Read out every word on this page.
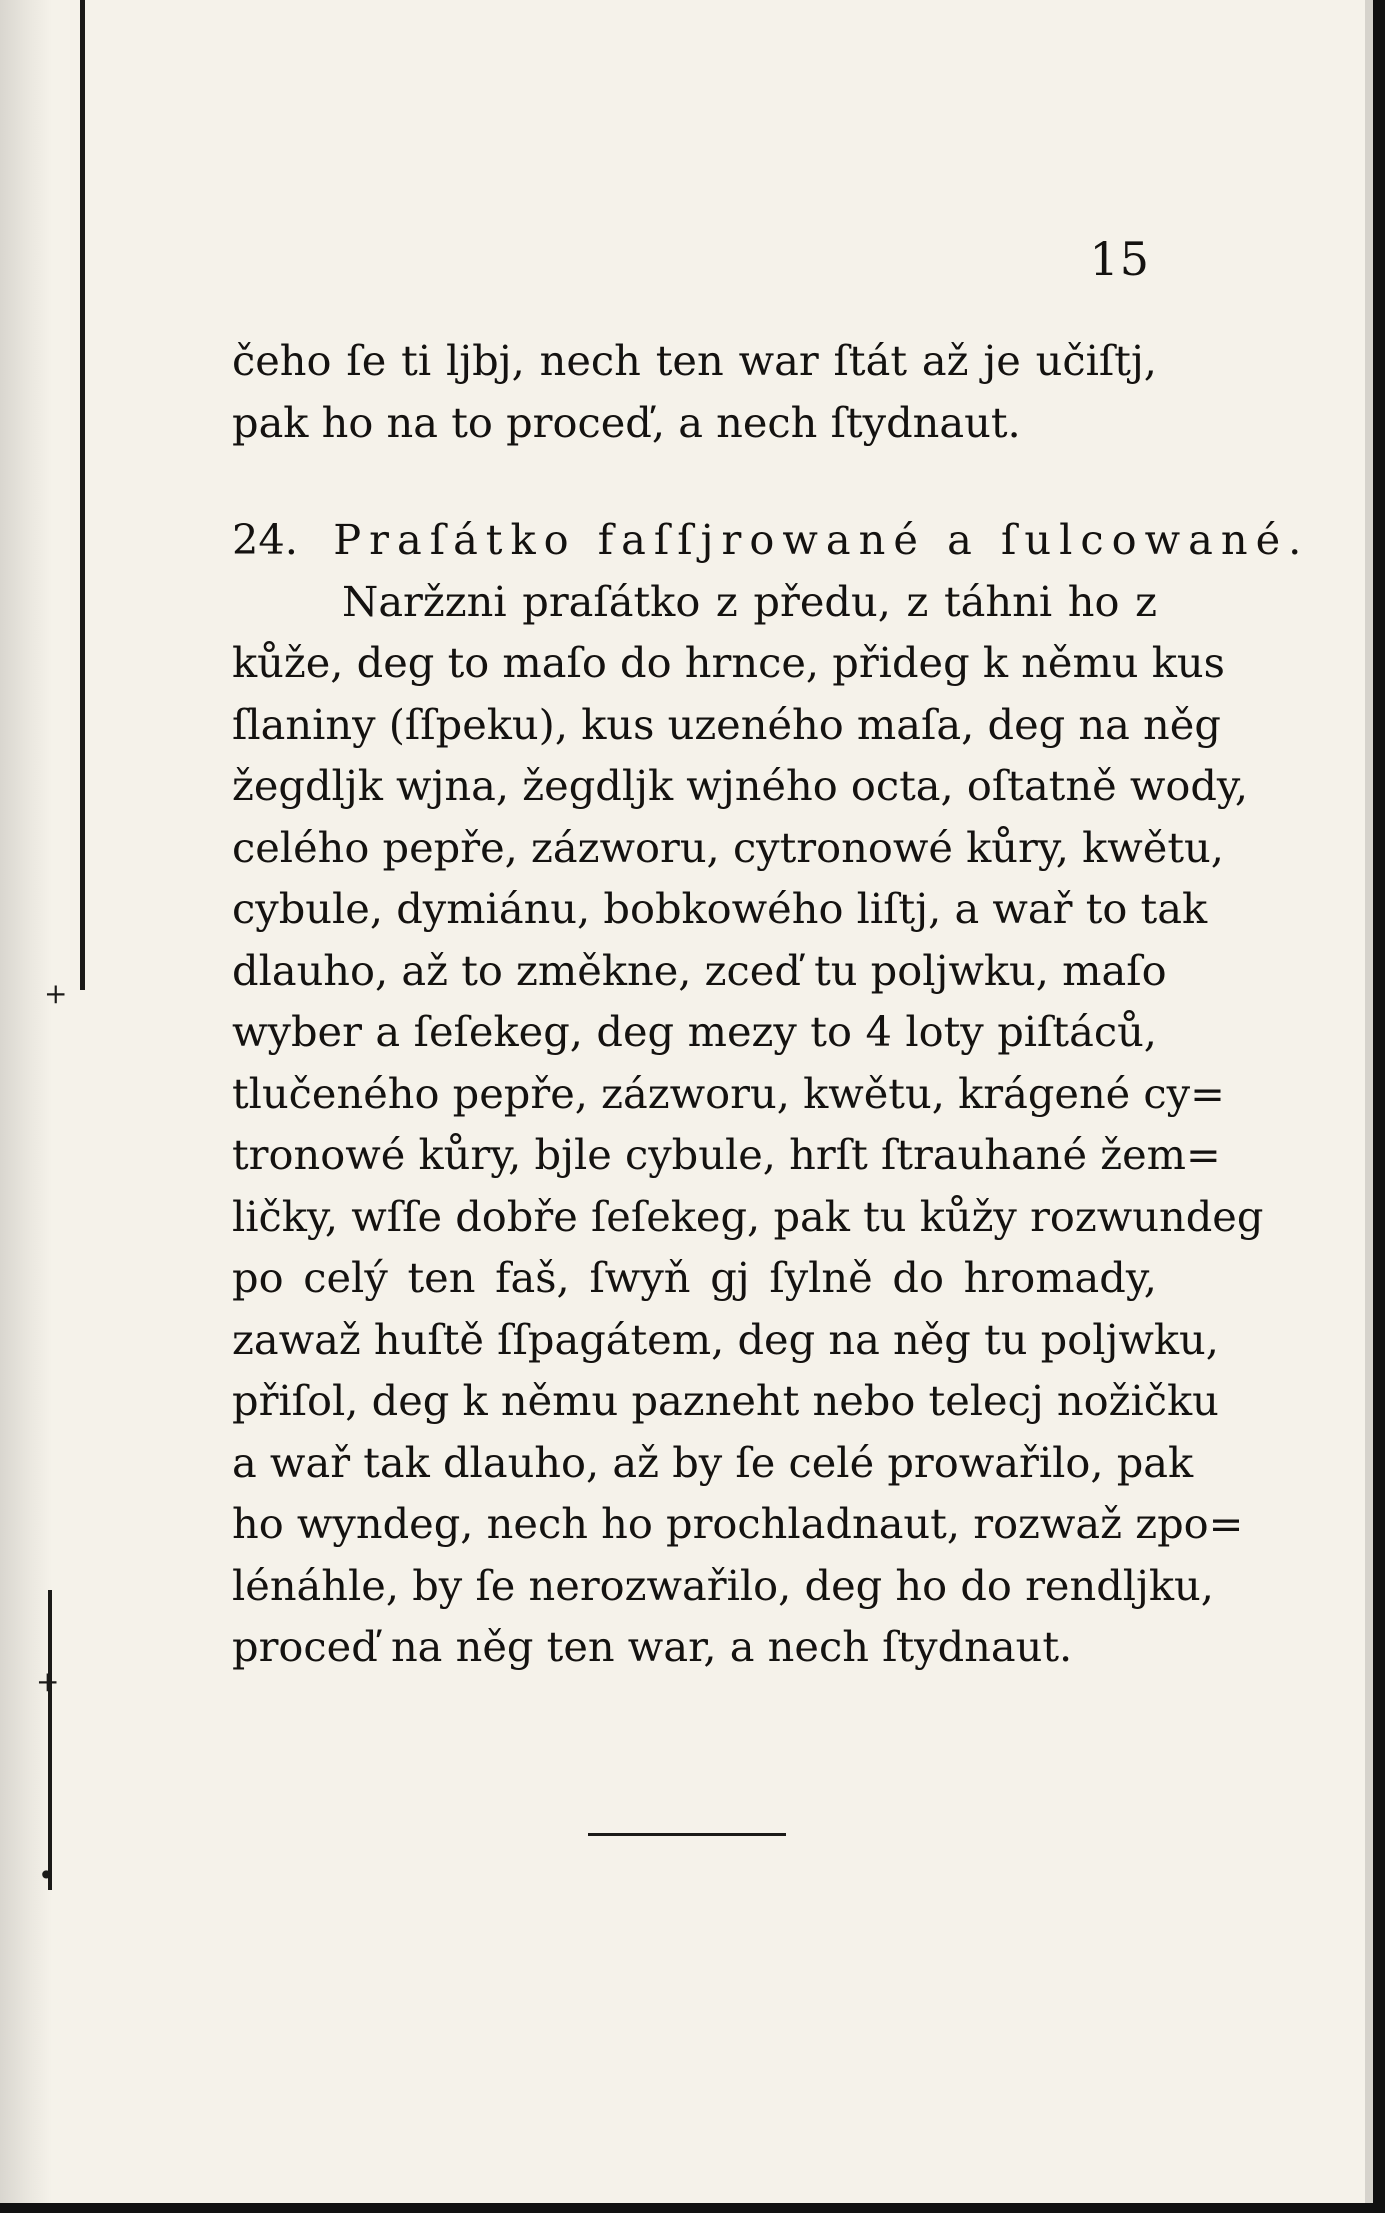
+
+
•
15
čeho ſe ti ljbj, nech ten war ſtát až je učiſtj,
pak ho na to proceď, a nech ſtydnaut.
24. Praſátko faſſjrowané a ſulcowané.
Naržzni praſátko z předu, z táhni ho z
kůže, deg to maſo do hrnce, přideg k němu kus
ſlaniny (ſſpeku), kus uzeného maſa, deg na něg
žegdljk wjna, žegdljk wjného octa, oſtatně wody,
celého pepře, zázworu, cytronowé kůry, kwětu,
cybule, dymiánu, bobkowého liſtj, a wař to tak
dlauho, až to změkne, zceď tu poljwku, maſo
wyber a ſeſekeg, deg mezy to 4 loty piſtáců,
tlučeného pepře, zázworu, kwětu, krágené cy=
tronowé kůry, bjle cybule, hrſt ſtrauhané žem=
ličky, wſſe dobře ſeſekeg, pak tu kůžy rozwundeg
po celý ten faš, ſwyň gj ſylně do hromady,
zawaž huſtě ſſpagátem, deg na něg tu poljwku,
přiſol, deg k němu pazneht nebo telecj nožičku
a wař tak dlauho, až by ſe celé prowařilo, pak
ho wyndeg, nech ho prochladnaut, rozwaž zpo=
lénáhle, by ſe nerozwařilo, deg ho do rendljku,
proceď na něg ten war, a nech ſtydnaut.
